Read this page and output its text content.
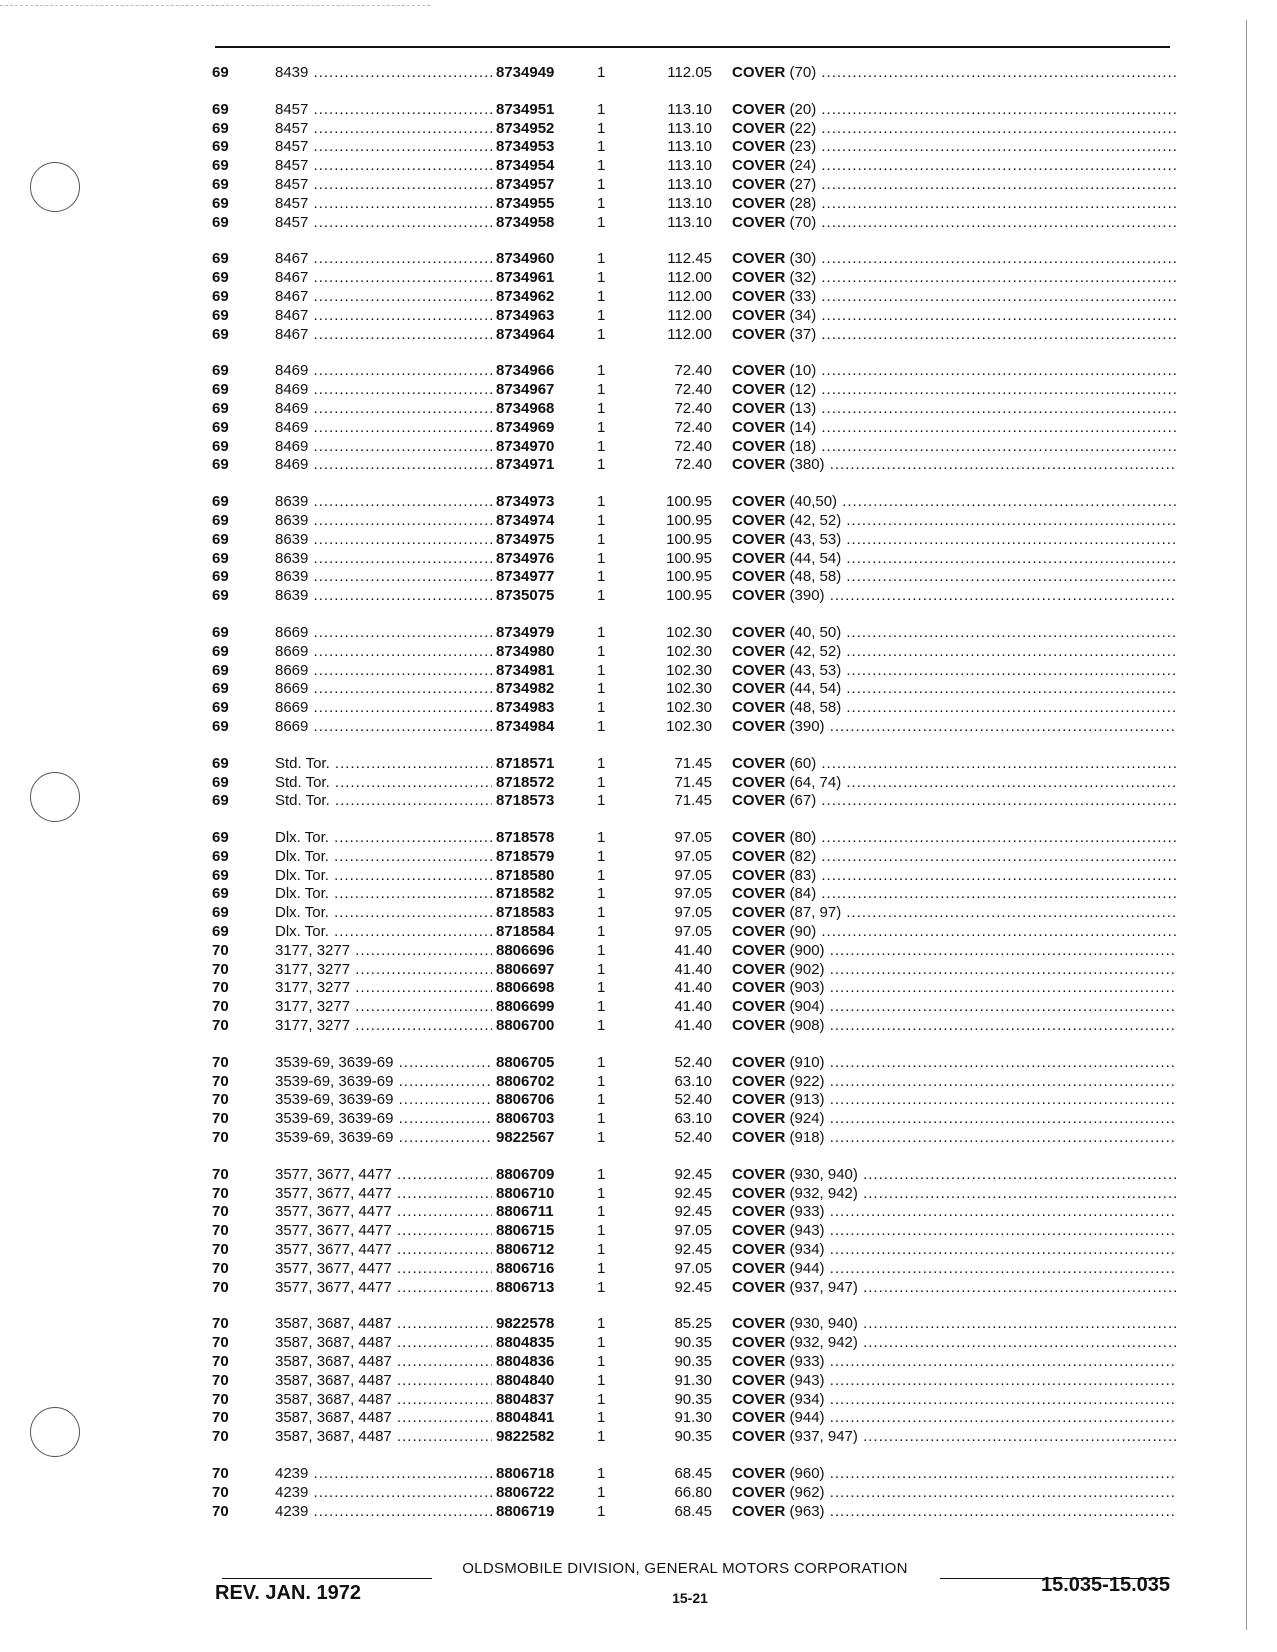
69	8439 .....	8734949	1	112.05 COVER (70) .....
69	8457 .....	8734951	1	113.10 COVER (20) .....
69	8457 .....	8734952	1	113.10 COVER (22) .....
69	8457 .....	8734953	1	113.10 COVER (23) .....
69	8457 .....	8734954	1	113.10 COVER (24) .....
69	8457 .....	8734957	1	113.10 COVER (27) .....
69	8457 .....	8734955	1	113.10 COVER (28) .....
69	8457 .....	8734958	1	113.10 COVER (70) .....
69	8467 .....	8734960	1	112.45 COVER (30) .....
69	8467 .....	8734961	1	112.00 COVER (32) .....
69	8467 .....	8734962	1	112.00 COVER (33) .....
69	8467 .....	8734963	1	112.00 COVER (34) .....
69	8467 .....	8734964	1	112.00 COVER (37) .....
69	8469 .....	8734966	1	72.40 COVER (10) .....
69	8469 .....	8734967	1	72.40 COVER (12) .....
69	8469 .....	8734968	1	72.40 COVER (13) .....
69	8469 .....	8734969	1	72.40 COVER (14) .....
69	8469 .....	8734970	1	72.40 COVER (18) .....
69	8469 .....	8734971	1	72.40 COVER (380) .....
69	8639 .....	8734973	1	100.95 COVER (40,50) .....
69	8639 .....	8734974	1	100.95 COVER (42, 52) .....
69	8639 .....	8734975	1	100.95 COVER (43, 53) .....
69	8639 .....	8734976	1	100.95 COVER (44, 54) .....
69	8639 .....	8734977	1	100.95 COVER (48, 58) .....
69	8639 .....	8735075	1	100.95 COVER (390) .....
69	8669 .....	8734979	1	102.30 COVER (40, 50) .....
69	8669 .....	8734980	1	102.30 COVER (42, 52) .....
69	8669 .....	8734981	1	102.30 COVER (43, 53) .....
69	8669 .....	8734982	1	102.30 COVER (44, 54) .....
69	8669 .....	8734983	1	102.30 COVER (48, 58) .....
69	8669 .....	8734984	1	102.30 COVER (390) .....
69	Std. Tor. .....	8718571	1	71.45 COVER (60) .....
69	Std. Tor. .....	8718572	1	71.45 COVER (64, 74) .....
69	Std. Tor. .....	8718573	1	71.45 COVER (67) .....
69	Dlx. Tor. .....	8718578	1	97.05 COVER (80) .....
69	Dlx. Tor. .....	8718579	1	97.05 COVER (82) .....
69	Dlx. Tor. .....	8718580	1	97.05 COVER (83) .....
69	Dlx. Tor. .....	8718582	1	97.05 COVER (84) .....
69	Dlx. Tor. .....	8718583	1	97.05 COVER (87, 97) .....
69	Dlx. Tor. .....	8718584	1	97.05 COVER (90) .....
70	3177, 3277 .....	8806696	1	41.40 COVER (900) .....
70	3177, 3277 .....	8806697	1	41.40 COVER (902) .....
70	3177, 3277 .....	8806698	1	41.40 COVER (903) .....
70	3177, 3277 .....	8806699	1	41.40 COVER (904) .....
70	3177, 3277 .....	8806700	1	41.40 COVER (908) .....
70	3539-69, 3639-69 .....	8806705	1	52.40 COVER (910) .....
70	3539-69, 3639-69 .....	8806702	1	63.10 COVER (922) .....
70	3539-69, 3639-69 .....	8806706	1	52.40 COVER (913) .....
70	3539-69, 3639-69 .....	8806703	1	63.10 COVER (924) .....
70	3539-69, 3639-69 .....	9822567	1	52.40 COVER (918) .....
70	3577, 3677, 4477 .....	8806709	1	92.45 COVER (930, 940) .....
70	3577, 3677, 4477 .....	8806710	1	92.45 COVER (932, 942) .....
70	3577, 3677, 4477 .....	8806711	1	92.45 COVER (933) .....
70	3577, 3677, 4477 .....	8806715	1	97.05 COVER (943) .....
70	3577, 3677, 4477 .....	8806712	1	92.45 COVER (934) .....
70	3577, 3677, 4477 .....	8806716	1	97.05 COVER (944) .....
70	3577, 3677, 4477 .....	8806713	1	92.45 COVER (937, 947) .....
70	3587, 3687, 4487 .....	9822578	1	85.25 COVER (930, 940) .....
70	3587, 3687, 4487 .....	8804835	1	90.35 COVER (932, 942) .....
70	3587, 3687, 4487 .....	8804836	1	90.35 COVER (933) .....
70	3587, 3687, 4487 .....	8804840	1	91.30 COVER (943) .....
70	3587, 3687, 4487 .....	8804837	1	90.35 COVER (934) .....
70	3587, 3687, 4487 .....	8804841	1	91.30 COVER (944) .....
70	3587, 3687, 4487 .....	9822582	1	90.35 COVER (937, 947) .....
70	4239 .....	8806718	1	68.45 COVER (960) .....
70	4239 .....	8806722	1	66.80 COVER (962) .....
70	4239 .....	8806719	1	68.45 COVER (963) .....
OLDSMOBILE DIVISION, GENERAL MOTORS CORPORATION
REV. JAN. 1972	15-21
15.035-15.035
